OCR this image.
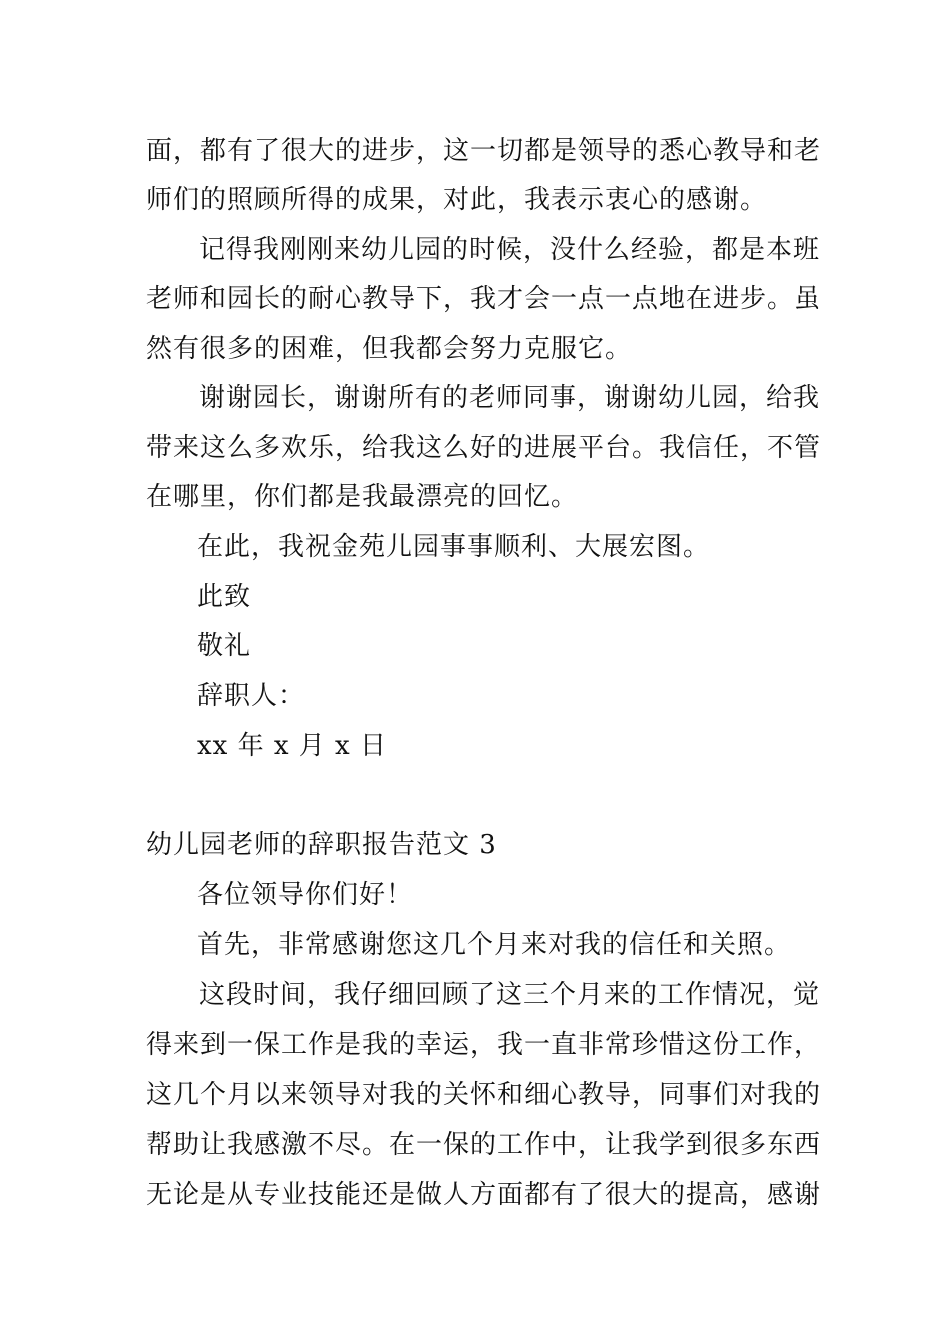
面，都有了很大的进步，这一切都是领导的悉心教导和老
师们的照顾所得的成果，对此，我表示衷心的感谢。
记得我刚刚来幼儿园的时候，没什么经验，都是本班
老师和园长的耐心教导下，我才会一点一点地在进步。虽
然有很多的困难，但我都会努力克服它。
谢谢园长，谢谢所有的老师同事，谢谢幼儿园，给我
带来这么多欢乐，给我这么好的进展平台。我信任，不管
在哪里，你们都是我最漂亮的回忆。
在此，我祝金苑儿园事事顺利、大展宏图。
此致
敬礼
辞职人：
xx 年 x 月 x 日
幼儿园老师的辞职报告范文 3
各位领导你们好！
首先，非常感谢您这几个月来对我的信任和关照。
这段时间，我仔细回顾了这三个月来的工作情况，觉
得来到一保工作是我的幸运，我一直非常珍惜这份工作，
这几个月以来领导对我的关怀和细心教导，同事们对我的
帮助让我感激不尽。在一保的工作中，让我学到很多东西
无论是从专业技能还是做人方面都有了很大的提高，感谢
